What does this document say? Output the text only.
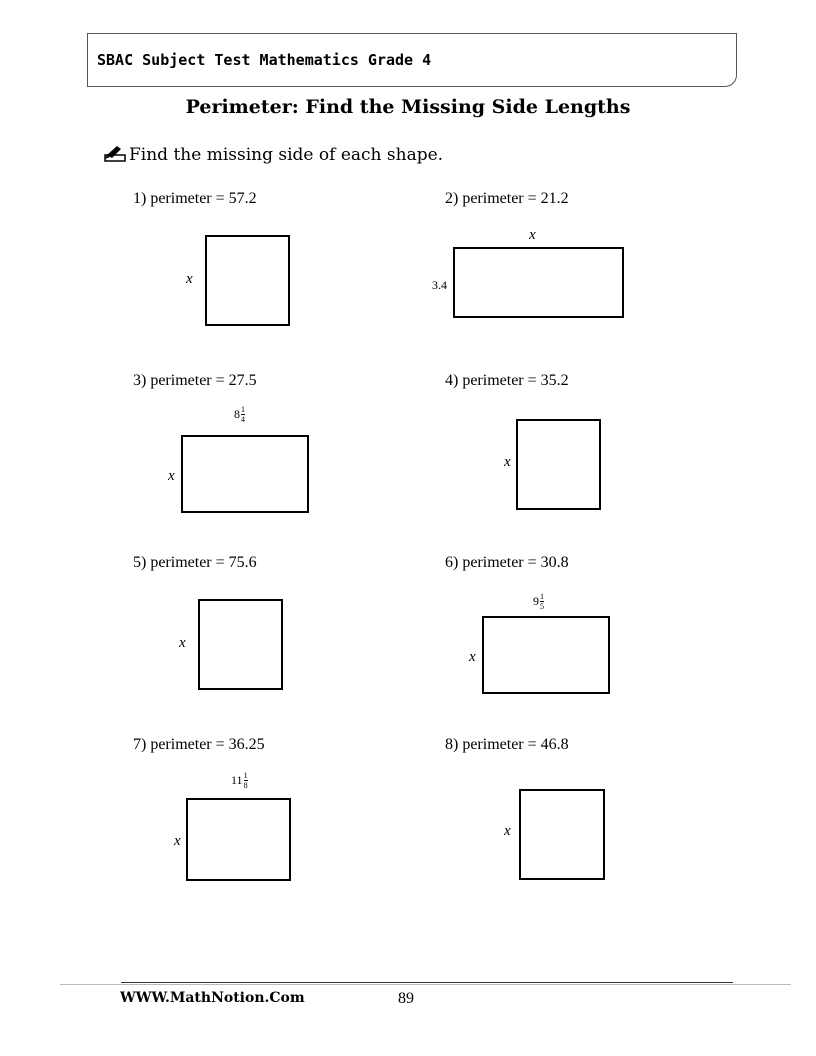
SBAC Subject Test Mathematics Grade 4
Perimeter: Find the Missing Side Lengths
Find the missing side of each shape.
1) perimeter = 57.2
x
2) perimeter = 21.2
x
3.4
3) perimeter = 27.5
$8 \frac{1}{4}$
x
4) perimeter = 35.2
x
5) perimeter = 75.6
x
6) perimeter = 30.8
$9 \frac{1}{5}$
x
7) perimeter = 36.25
$11 \frac{1}{8}$
x
8) perimeter = 46.8
x
WWW.MathNotion.Com	89
